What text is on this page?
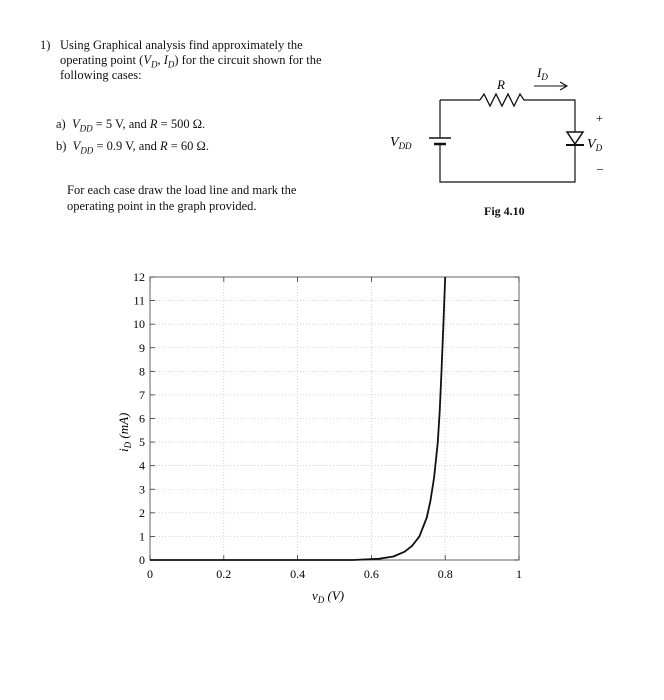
1) Using Graphical analysis find approximately the
operating point ($V_D$, $I_D$) for the circuit shown for the
following cases:
a) $V_{DD} = 5$ V, and R = 500 Ω.
b) $V_{DD} = 0.9$ V, and R = 60 Ω.
For each case draw the load line and mark the
operating point in the graph provided.
R
$I_D$
$V_{DD}$
+
$V_D$
–
Fig 4.10
0
1
2
3
4
5
6
7
8
9
10
11
12
0	0.2	0.4	0.6	0.8	1
$v_D$ (V)
$i_D$ (mA)
